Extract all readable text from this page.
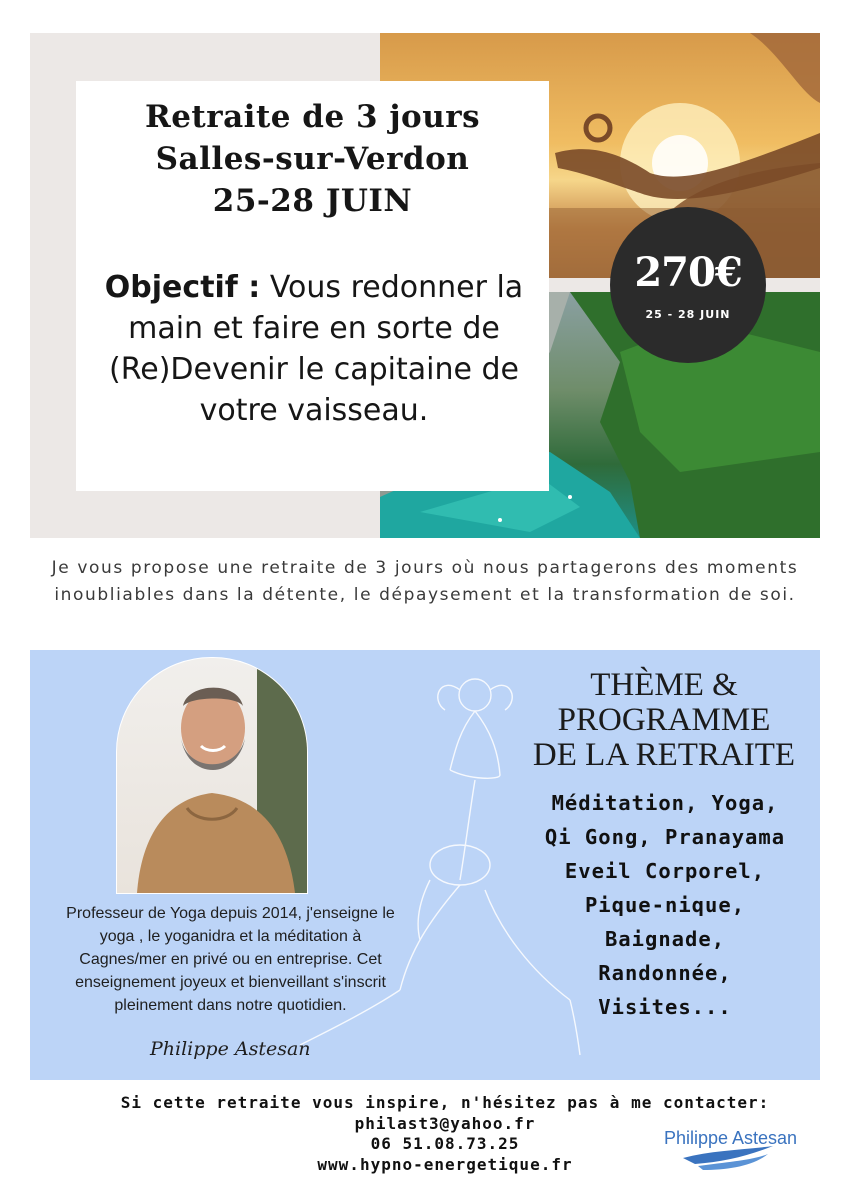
Retraite de 3 jours
Salles-sur-Verdon
25-28 JUIN
Objectif : Vous redonner la main et faire en sorte de (Re)Devenir le capitaine de votre vaisseau.
270€
25 - 28 JUIN
Je vous propose une retraite de 3 jours où nous partagerons des moments inoubliables dans la détente, le dépaysement et la transformation de soi.
Professeur de Yoga depuis 2014, j'enseigne le yoga , le yoganidra et la méditation à Cagnes/mer en privé ou en entreprise. Cet enseignement joyeux et bienveillant s'inscrit pleinement dans notre quotidien.
Philippe Astesan
THÈME &
PROGRAMME
DE LA RETRAITE
Méditation, Yoga,
Qi Gong, Pranayama
Eveil Corporel,
Pique-nique,
Baignade,
Randonnée,
Visites...
Si cette retraite vous inspire, n'hésitez pas à me contacter:
philast3@yahoo.fr
06 51.08.73.25
www.hypno-energetique.fr
Philippe Astesan
